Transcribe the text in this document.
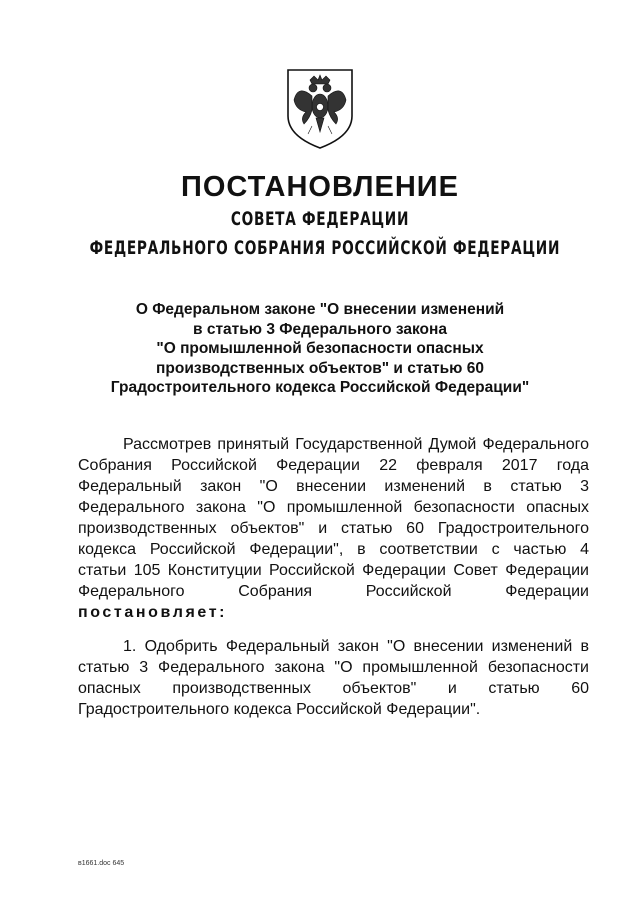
ПОСТАНОВЛЕНИЕ
СОВЕТА ФЕДЕРАЦИИ
ФЕДЕРАЛЬНОГО СОБРАНИЯ РОССИЙСКОЙ ФЕДЕРАЦИИ
О Федеральном законе "О внесении изменений
в статью 3 Федерального закона
"О промышленной безопасности опасных
производственных объектов" и статью 60
Градостроительного кодекса Российской Федерации"
Рассмотрев принятый Государственной Думой Федерального
Собрания Российской Федерации 22 февраля 2017 года
Федеральный закон "О внесении изменений в статью 3
Федерального закона "О промышленной безопасности опасных
производственных объектов" и статью 60 Градостроительного
кодекса Российской Федерации", в соответствии с частью 4
статьи 105 Конституции Российской Федерации Совет Федерации
Федерального Собрания Российской Федерации
постановляет:
1. Одобрить Федеральный закон "О внесении изменений в
статью 3 Федерального закона "О промышленной безопасности
опасных производственных объектов" и статью 60
Градостроительного кодекса Российской Федерации".
в1661.doc 645
